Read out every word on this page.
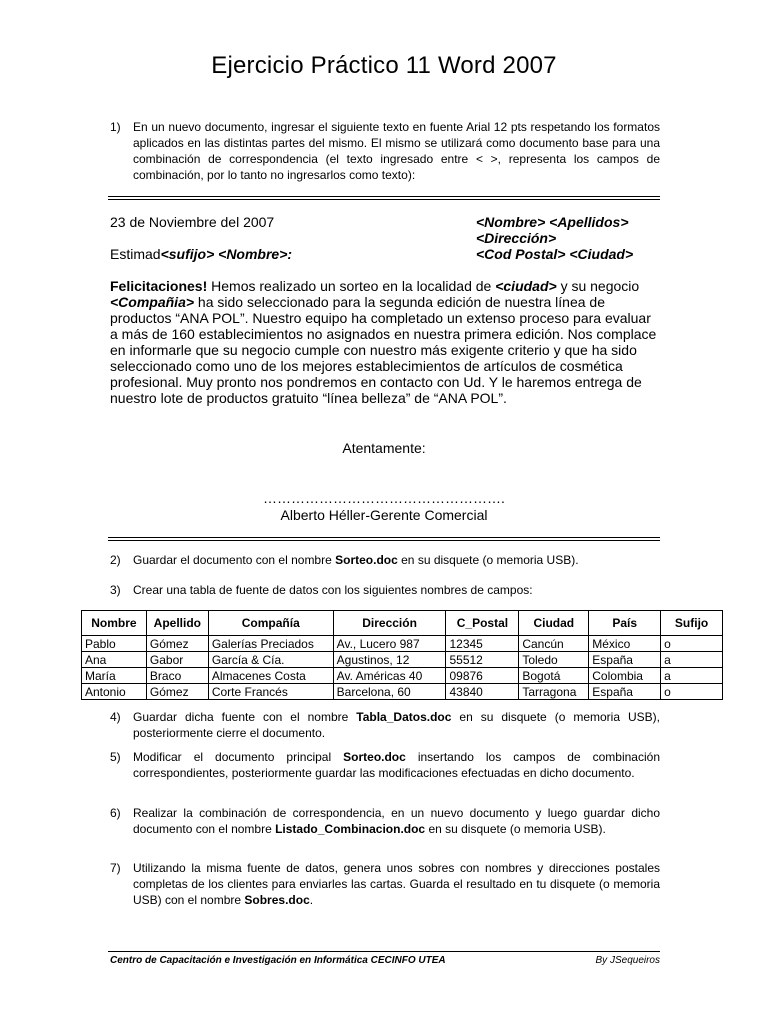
Ejercicio Práctico 11 Word 2007
1) En un nuevo documento, ingresar el siguiente texto en fuente Arial 12 pts respetando los formatos aplicados en las distintas partes del mismo. El mismo se utilizará como documento base para una combinación de correspondencia (el texto ingresado entre < >, representa los campos de combinación, por lo tanto no ingresarlos como texto):
23 de Noviembre del 2007	<Nombre> <Apellidos>
<Dirección>
Estimad<sufijo> <Nombre>:	<Cod Postal> <Ciudad>
Felicitaciones! Hemos realizado un sorteo en la localidad de <ciudad> y su negocio <Compañia> ha sido seleccionado para la segunda edición de nuestra línea de productos “ANA POL”. Nuestro equipo ha completado un extenso proceso para evaluar a más de 160 establecimientos no asignados en nuestra primera edición. Nos complace en informarle que su negocio cumple con nuestro más exigente criterio y que ha sido seleccionado como uno de los mejores establecimientos de artículos de cosmética profesional. Muy pronto nos pondremos en contacto con Ud. Y le haremos entrega de nuestro lote de productos gratuito “línea belleza” de “ANA POL”.
Atentamente:
…………………………………………….
Alberto Héller-Gerente Comercial
2) Guardar el documento con el nombre Sorteo.doc en su disquete (o memoria USB).
3) Crear una tabla de fuente de datos con los siguientes nombres de campos:
Nombre	Apellido	Compañía	Dirección	C_Postal	Ciudad	País	Sufijo
Pablo	Gómez	Galerías Preciados	Av., Lucero 987	12345	Cancún	México	o
Ana	Gabor	García & Cía.	Agustinos, 12	55512	Toledo	España	a
María	Braco	Almacenes Costa	Av. Américas 40	09876	Bogotá	Colombia	a
Antonio	Gómez	Corte Francés	Barcelona, 60	43840	Tarragona	España	o
4) Guardar dicha fuente con el nombre Tabla_Datos.doc en su disquete (o memoria USB), posteriormente cierre el documento.
5) Modificar el documento principal Sorteo.doc insertando los campos de combinación correspondientes, posteriormente guardar las modificaciones efectuadas en dicho documento.
6) Realizar la combinación de correspondencia, en un nuevo documento y luego guardar dicho documento con el nombre Listado_Combinacion.doc en su disquete (o memoria USB).
7) Utilizando la misma fuente de datos, genera unos sobres con nombres y direcciones postales completas de los clientes para enviarles las cartas. Guarda el resultado en tu disquete (o memoria USB) con el nombre Sobres.doc.
Centro de Capacitación e Investigación en Informática CECINFO UTEA	By JSequeiros
